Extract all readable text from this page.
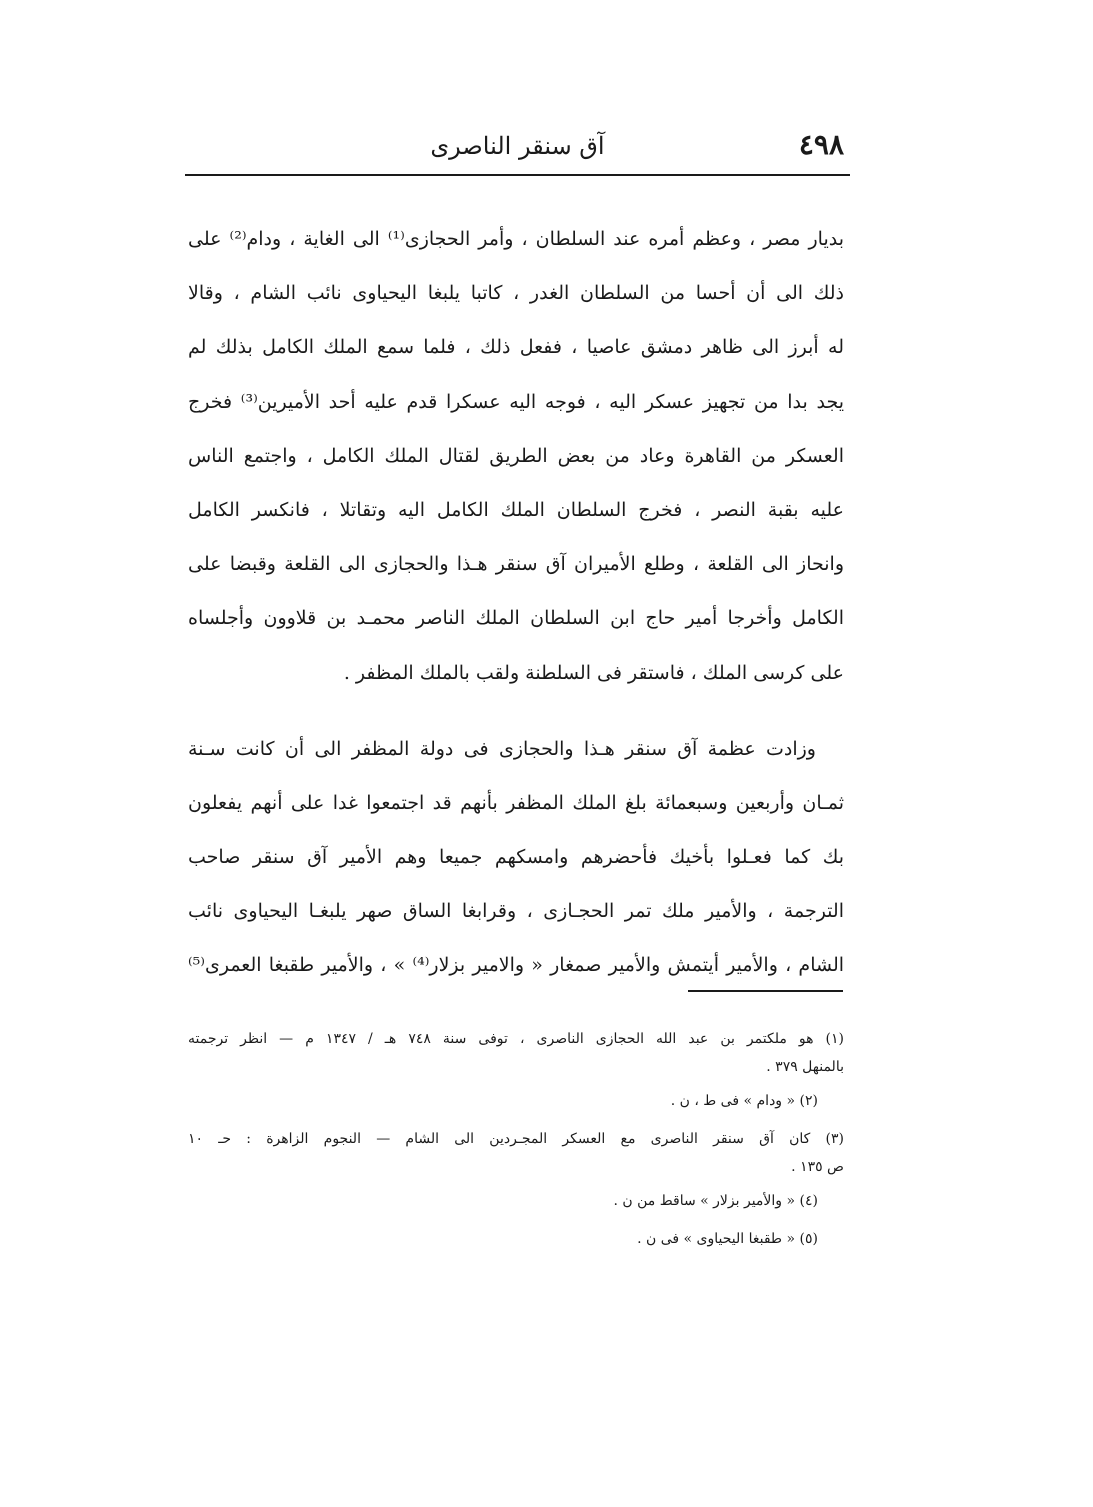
٤٩٨
آق سنقر الناصرى
بديار مصر ، وعظم أمره عند السلطان ، وأمر الحجازى⁽¹⁾ الى الغاية ، ودام⁽²⁾ على
ذلك الى أن أحسا من السلطان الغدر ، كاتبا يلبغا اليحياوى نائب الشام ، وقالا
له أبرز الى ظاهر دمشق عاصيا ، ففعل ذلك ، فلما سمع الملك الكامل بذلك لم
يجد بدا من تجهيز عسكر اليه ، فوجه اليه عسكرا قدم عليه أحد الأميرين⁽³⁾ فخرج
العسكر من القاهرة وعاد من بعض الطريق لقتال الملك الكامل ، واجتمع الناس
عليه بقبة النصر ، فخرج السلطان الملك الكامل اليه وتقاتلا ، فانكسر الكامل
وانحاز الى القلعة ، وطلع الأميران آق سنقر هـذا والحجازى الى القلعة وقبضا على
الكامل وأخرجا أمير حاج ابن السلطان الملك الناصر محمـد بن قلاوون وأجلساه
على كرسى الملك ، فاستقر فى السلطنة ولقب بالملك المظفر .
وزادت عظمة آق سنقر هـذا والحجازى فى دولة المظفر الى أن كانت سـنة
ثمـان وأربعين وسبعمائة بلغ الملك المظفر بأنهم قد اجتمعوا غدا على أنهم يفعلون
بك كما فعـلوا بأخيك فأحضرهم وامسكهم جميعا وهم الأمير آق سنقر صاحب
الترجمة ، والأمير ملك تمر الحجـازى ، وقرابغا الساق صهر يلبغـا اليحياوى نائب
الشام ، والأمير أيتمش والأمير صمغار « والامير بزلار⁽⁴⁾ » ، والأمير طقبغا العمرى⁽⁵⁾
(١) هو ملكتمر بن عبد الله الحجازى الناصرى ، توفى سنة ٧٤٨ هـ / ١٣٤٧ م — انظر ترجمته
بالمنهل ٣٧٩ .
(٢) « ودام » فى ط ، ن .
(٣) كان آق سنقر الناصرى مع العسكر المجـردين الى الشام — النجوم الزاهرة : حـ ١٠
ص ١٣٥ .
(٤) « والأمير بزلار » ساقط من ن .
(٥) « طقبغا اليحياوى » فى ن .
